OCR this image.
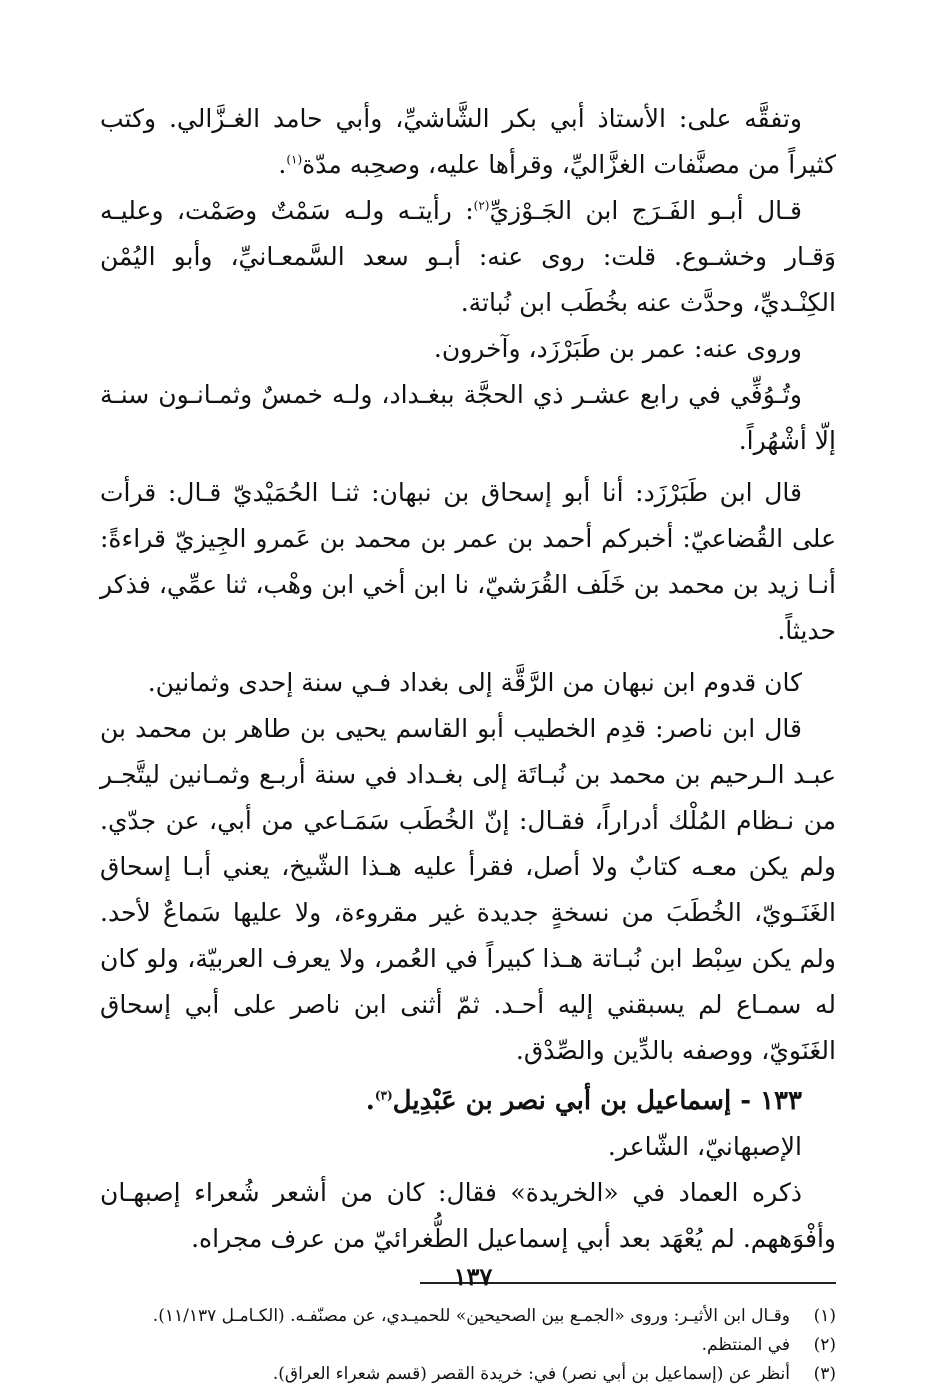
وتفقَّه على: الأستاذ أبي بكر الشَّاشيِّ، وأبي حامد الغـزَّالي. وكتب كثيراً من مصنَّفات الغزَّاليِّ، وقرأها عليه، وصحِبه مدّة$^{(١)}$.

قـال أبـو الفَـرَج ابن الجَـوْزيِّ$^{(٢)}$: رأيتـه ولـه سَمْتٌ وصَمْت، وعليـه وَقـار وخشـوع. قلت: روى عنه: أبـو سعد السَّمعـانيِّ، وأبو اليُمْن الكِنْـديِّ، وحدَّث عنه بخُطَب ابن نُباتة.

وروى عنه: عمر بن طَبَرْزَد، وآخرون.

وتُـوُفِّي في رابع عشـر ذي الحجَّة ببغـداد، ولـه خمسٌ وثمـانـون سنـة إلّا أشْهُراً.

قال ابن طَبَرْزَد: أنا أبو إسحاق بن نبهان: ثنـا الحُمَيْديّ قـال: قرأت على القُضاعيّ: أخبركم أحمد بن عمر بن محمد بن عَمرو الجِيزيّ قراءةً: أنـا زيد بن محمد بن خَلَف القُرَشيّ، نا ابن أخي ابن وهْب، ثنا عمِّي، فذكر حديثاً.

كان قدوم ابن نبهان من الرَّقَّة إلى بغداد فـي سنة إحدى وثمانين.

قال ابن ناصر: قدِم الخطيب أبو القاسم يحيى بن طاهر بن محمد بن عبـد الـرحيم بن محمد بن نُبـاتَة إلى بغـداد في سنة أربـع وثمـانين ليتَّجـر من نـظام المُلْك أدراراً، فقـال: إنّ الخُطَب سَمَـاعي من أبي، عن جدّي. ولم يكن معـه كتابٌ ولا أصل، فقرأ عليه هـذا الشّيخ، يعني أبـا إسحاق الغَنَـويّ، الخُطَبَ من نسخةٍ جديدة غير مقروءة، ولا عليها سَماعٌ لأحد. ولم يكن سِبْط ابن نُبـاتة هـذا كبيراً في العُمر، ولا يعرف العربيّة، ولو كان له سمـاع لم يسبقني إليه أحـد. ثمّ أثنى ابن ناصر على أبي إسحاق الغَنَويّ، ووصفه بالدِّين والصِّدْق.

١٣٣ - إسماعيل بن أبي نصر بن عَبْدِيل$^{(٣)}$.

الإصبهانيّ، الشّاعر.

ذكره العماد في «الخريدة» فقال: كان من أشعر شُعراء إصبهـان وأفْوَههم. لم يُعْهَد بعد أبي إسماعيل الطُّغرائيّ من عرف مجراه.

(١)
وقـال ابن الأثيـر: وروى «الجمـع بين الصحيحين» للحميـدي، عن مصنّفـه. (الكـامـل ١١/١٣٧).
(٢)
في المنتظم.
(٣)
أنظر عن (إسماعيل بن أبي نصر) في: خريدة القصر (قسم شعراء العراق).
١٣٧
